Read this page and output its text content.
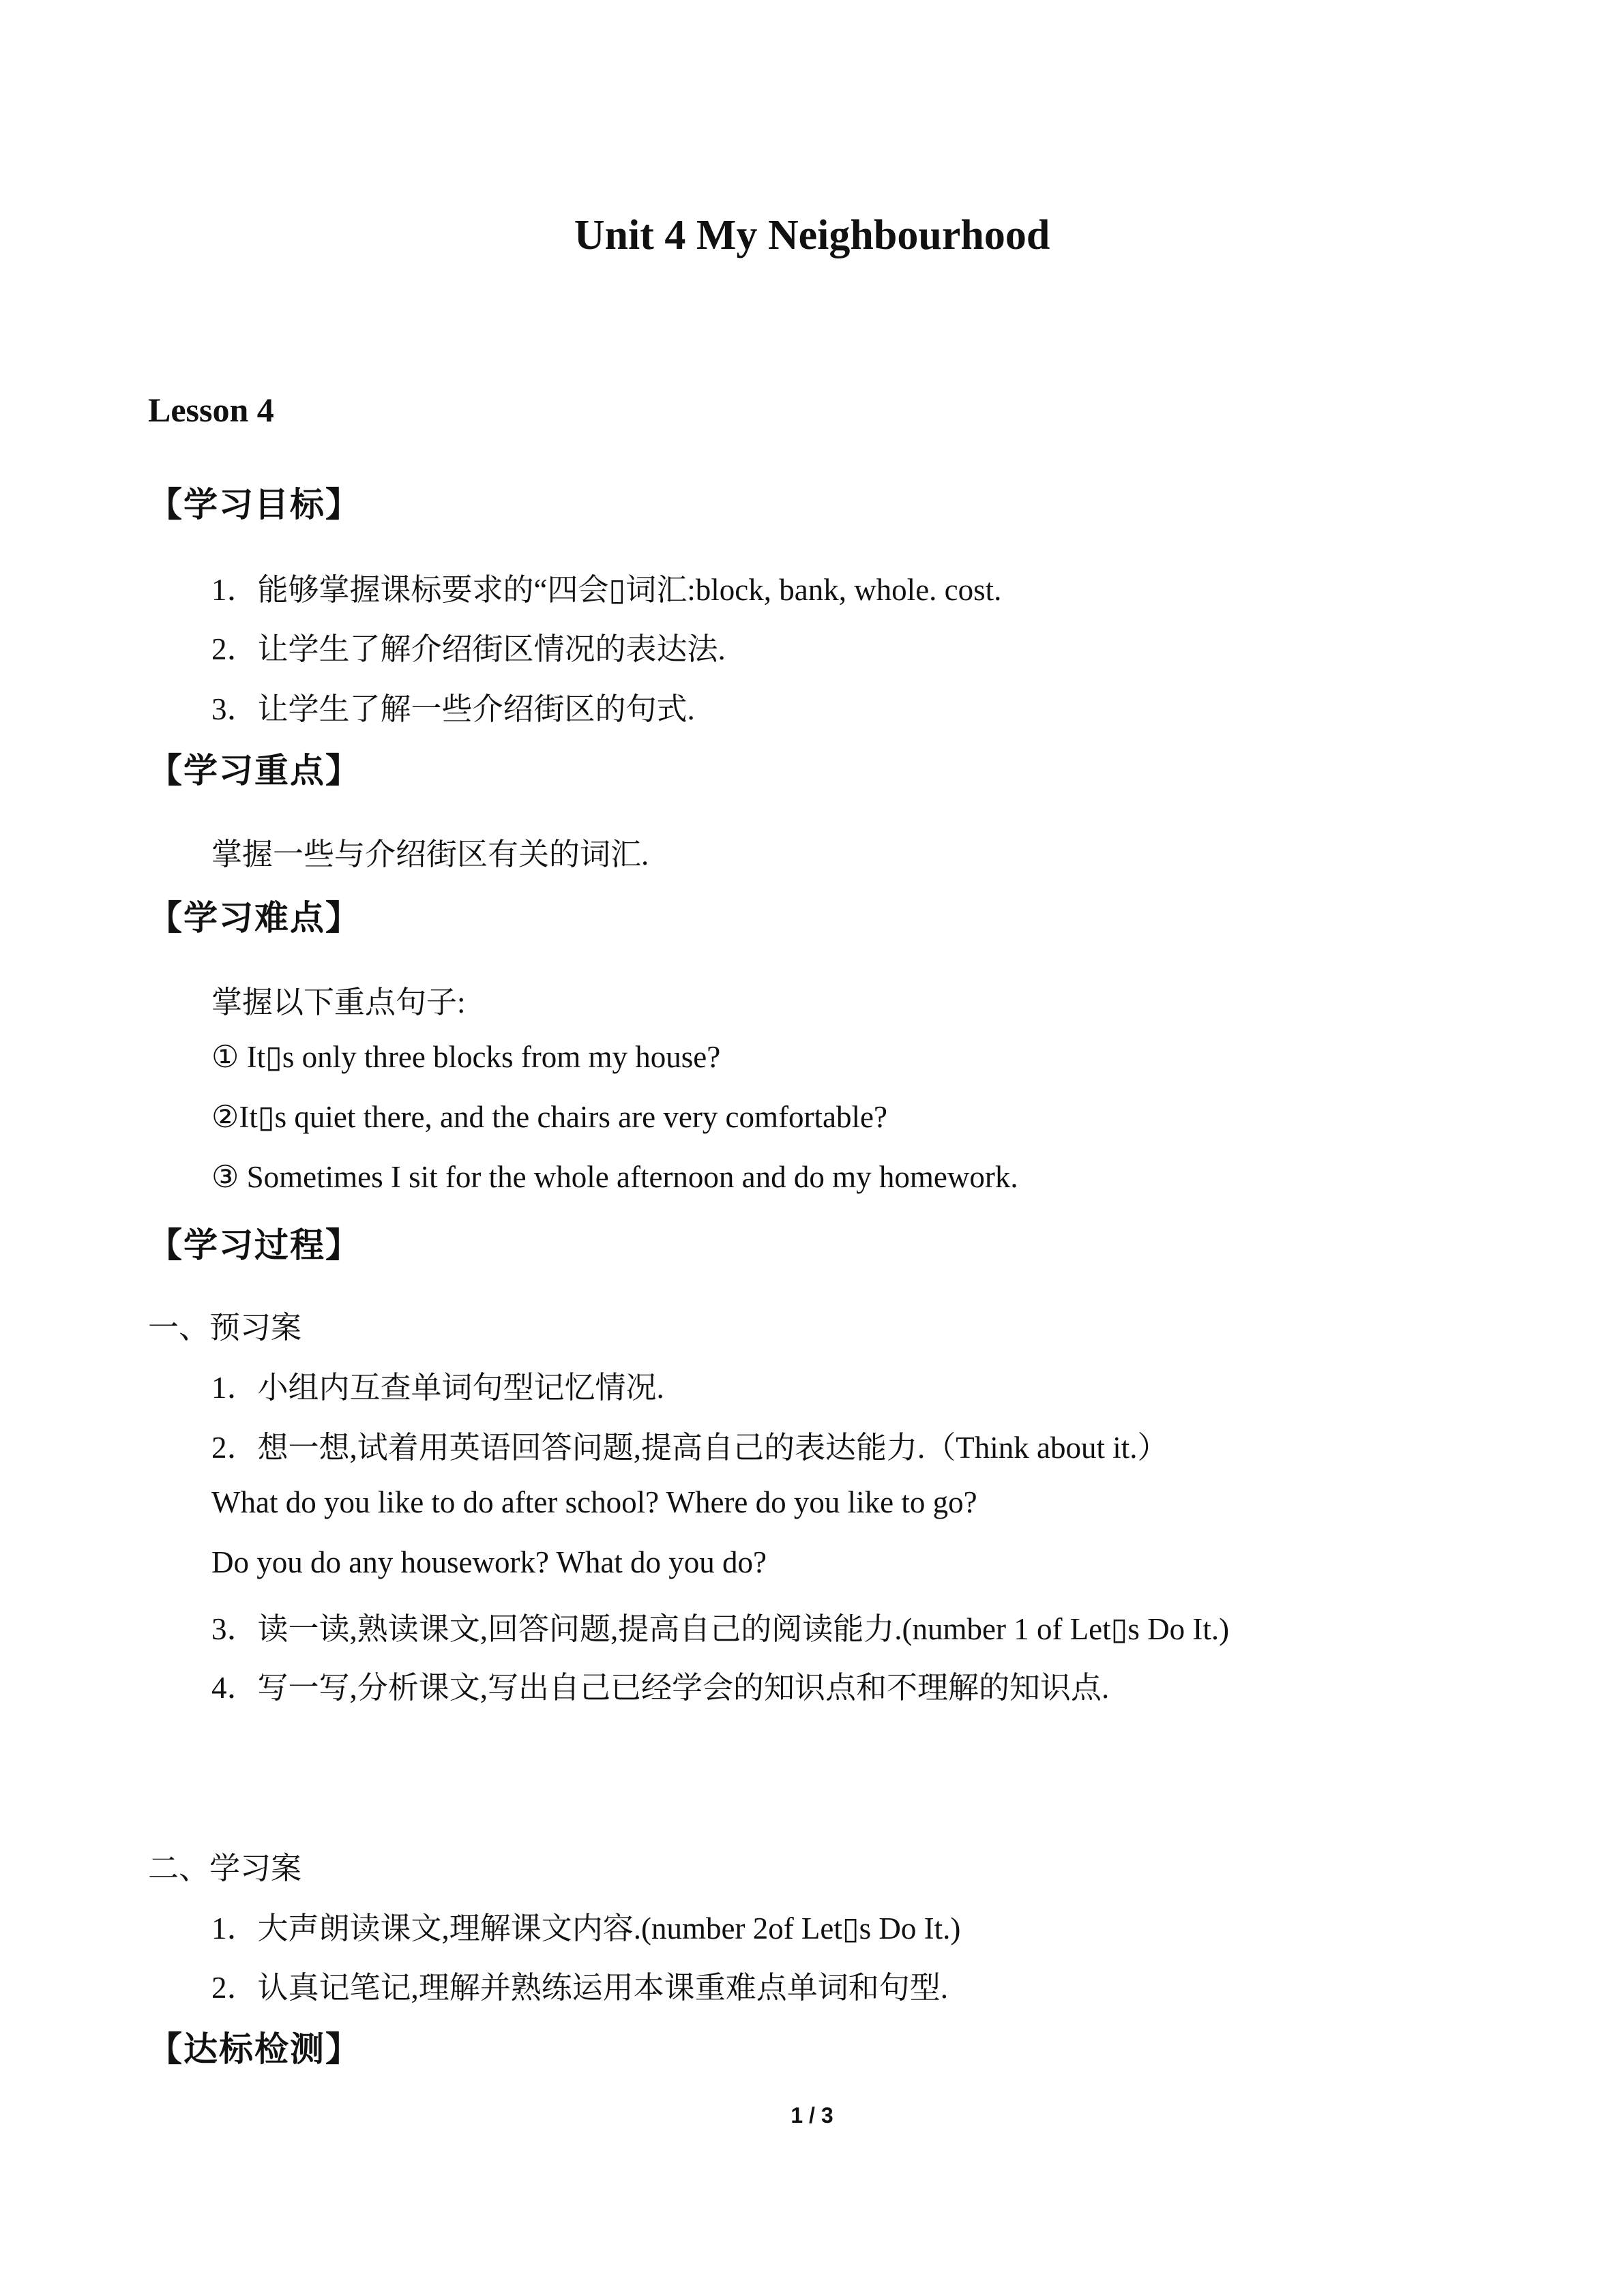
Unit 4 My Neighbourhood
Lesson 4
【学习目标】
1．能够掌握课标要求的“四会▯词汇:block, bank, whole. cost.
2．让学生了解介绍街区情况的表达法.
3．让学生了解一些介绍街区的句式.
【学习重点】
掌握一些与介绍街区有关的词汇.
【学习难点】
掌握以下重点句子:
① It▯s only three blocks from my house?
②It▯s quiet there, and the chairs are very comfortable?
③ Sometimes I sit for the whole afternoon and do my homework.
【学习过程】
一、预习案
1．小组内互查单词句型记忆情况.
2．想一想,试着用英语回答问题,提高自己的表达能力.（Think about it.）
What do you like to do after school? Where do you like to go?
Do you do any housework? What do you do?
3．读一读,熟读课文,回答问题,提高自己的阅读能力.(number 1 of Let▯s Do It.)
4．写一写,分析课文,写出自己已经学会的知识点和不理解的知识点.
二、学习案
1．大声朗读课文,理解课文内容.(number 2of Let▯s Do It.)
2．认真记笔记,理解并熟练运用本课重难点单词和句型.
【达标检测】
1 / 3
